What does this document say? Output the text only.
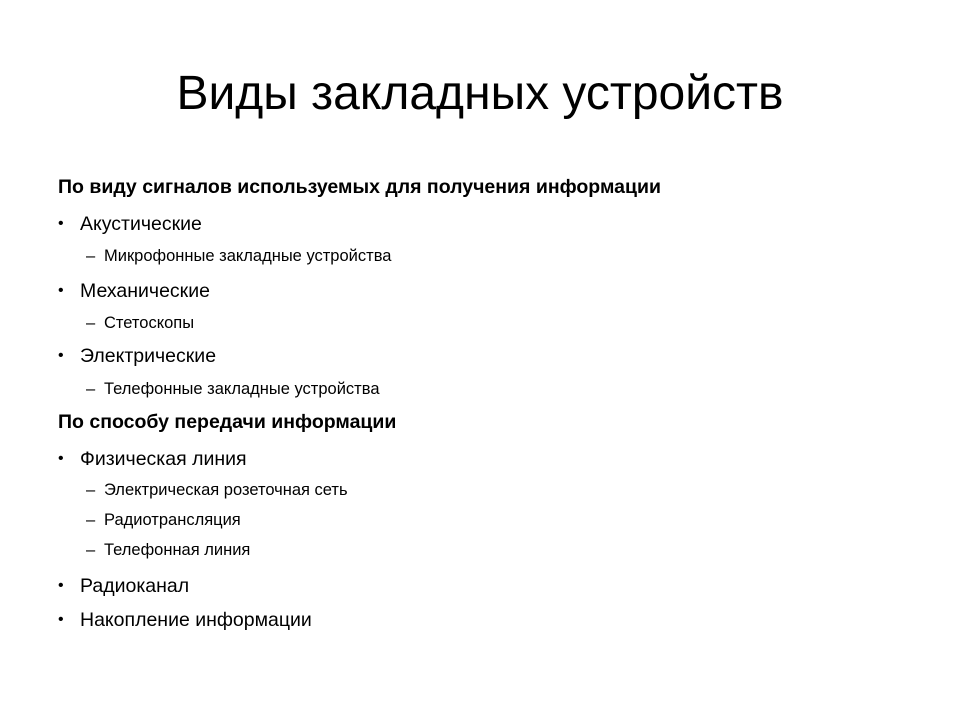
Виды закладных устройств
По виду сигналов используемых для получения информации
• Акустические
– Микрофонные закладные устройства
• Механические
– Стетоскопы
• Электрические
– Телефонные закладные устройства
По способу передачи информации
• Физическая линия
– Электрическая розеточная сеть
– Радиотрансляция
– Телефонная линия
• Радиоканал
• Накопление информации
